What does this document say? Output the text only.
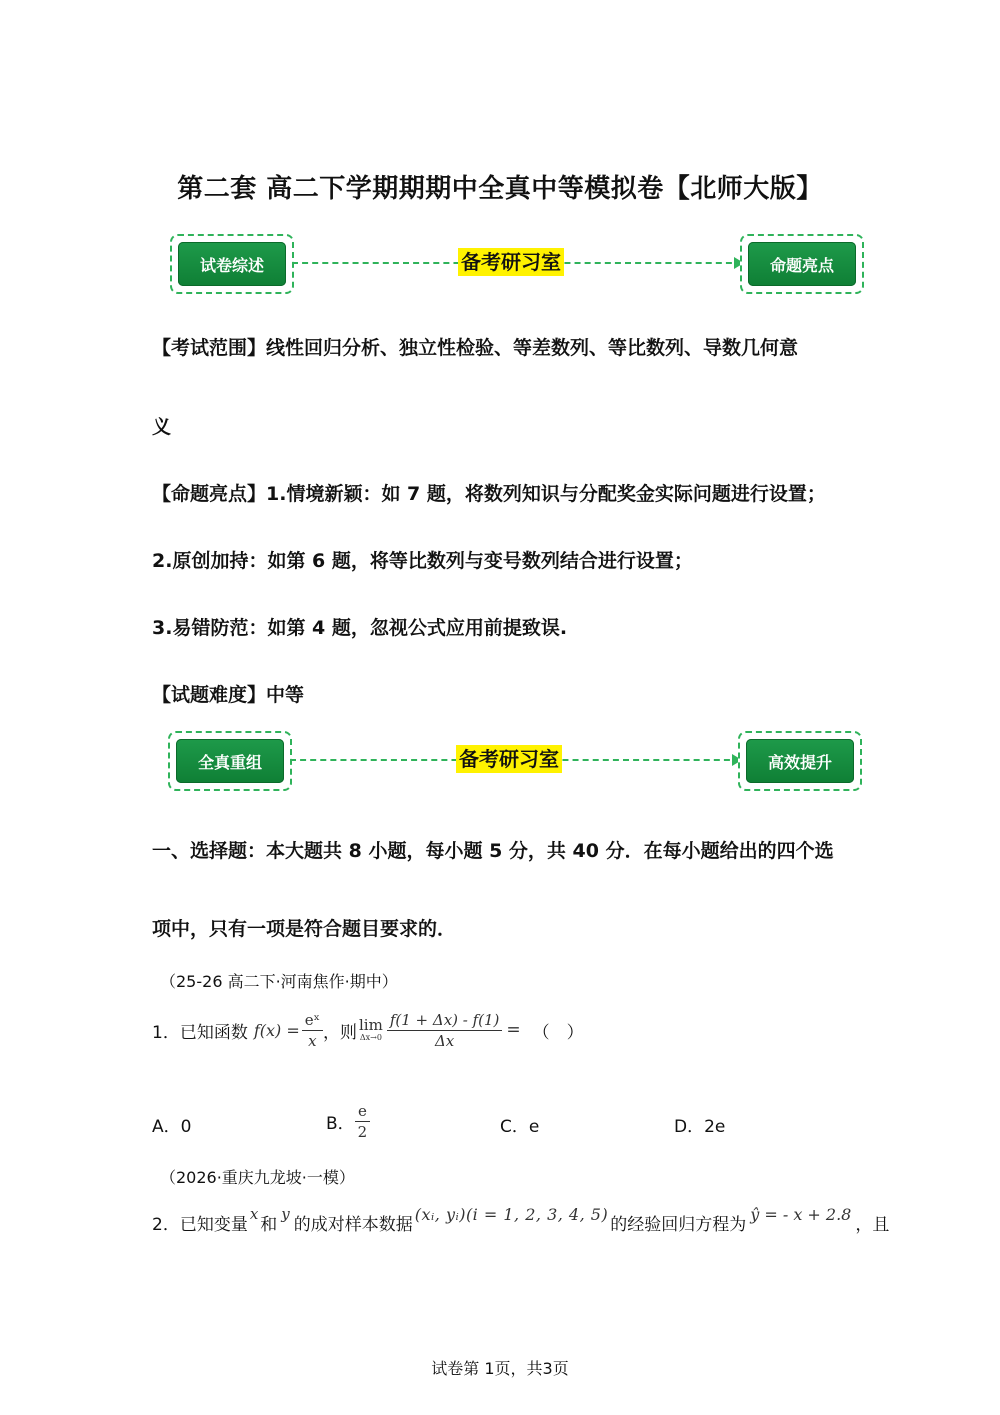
第二套 高二下学期期期中全真中等模拟卷【北师大版】
试卷综述	备考研习室	命题亮点
【考试范围】线性回归分析、独立性检验、等差数列、等比数列、导数几何意
义
【命题亮点】1.情境新颖：如 7 题，将数列知识与分配奖金实际问题进行设置；
2.原创加持：如第 6 题，将等比数列与变号数列结合进行设置；
3.易错防范：如第 4 题，忽视公式应用前提致误.
【试题难度】中等
全真重组	备考研习室	高效提升
一、选择题：本大题共 8 小题，每小题 5 分，共 40 分．在每小题给出的四个选
项中，只有一项是符合题目要求的．
（25-26 高二下·河南焦作·期中）
1．已知函数 $f(x) = \frac{\text{eˣ}}{x}$ ，则 lim
$\Delta x\to 0 \frac{f(1 + \Delta x) - f(1)}{\Delta x}$ = （　）
A．0	B． $\frac{e}{2}$	C．e	D．2e
（2026·重庆九龙坡·一模）
2．已知变量
x
和
y
的成对样本数据
(xᵢ, yᵢ)(i = 1, 2, 3, 4, 5)
的经验回归方程为
ŷ = - x + 2.8
，且
试卷第 1页，共3页
